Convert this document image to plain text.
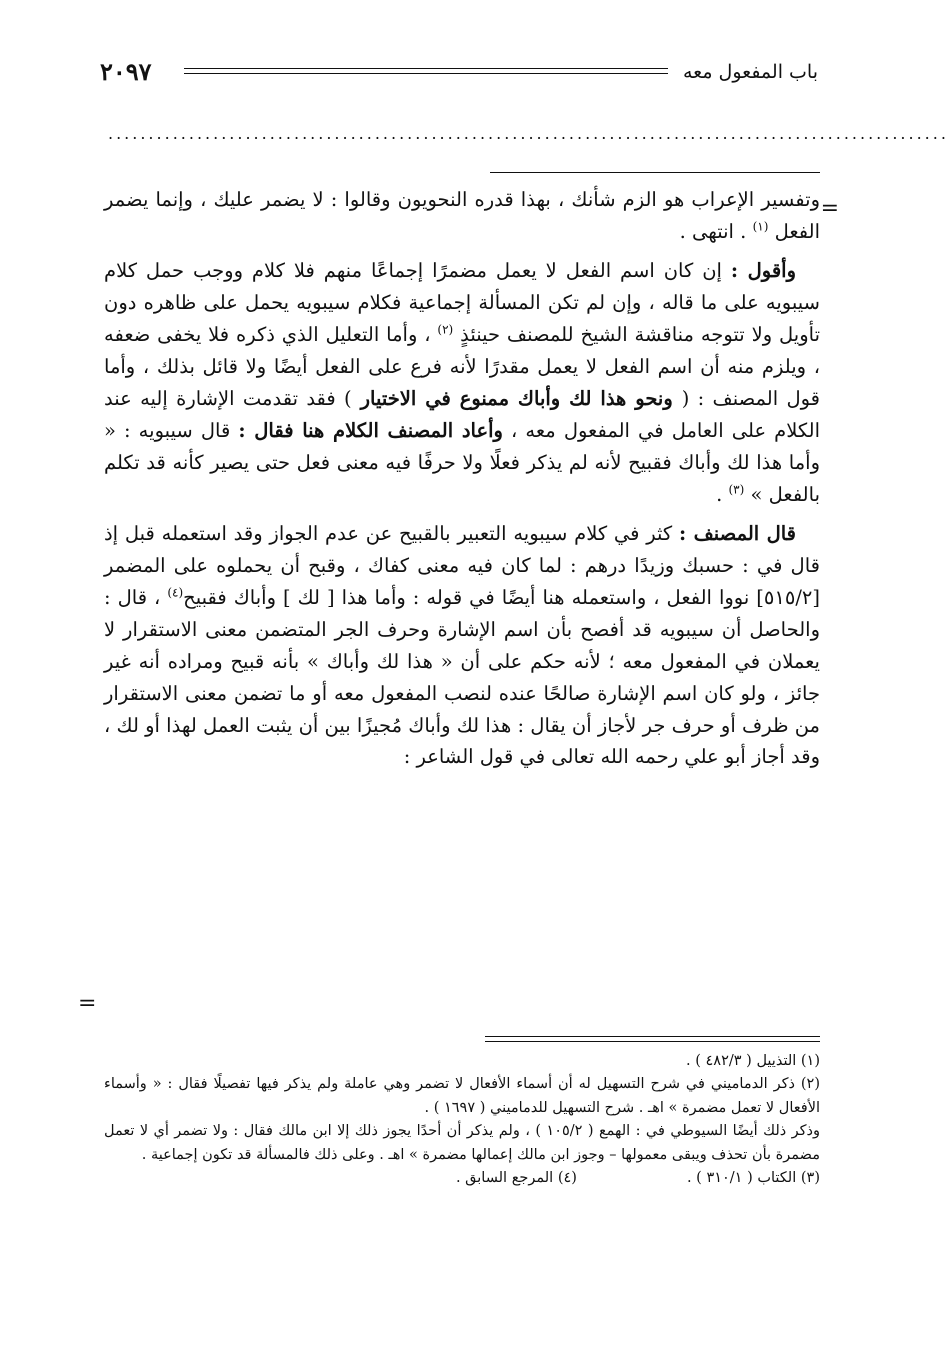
٢٠٩٧	باب المفعول معه
........................................................................................................
=
=

وتفسير الإعراب هو الزم شأنك ، بهذا قدره النحويون وقالوا : لا يضمر عليك ، وإنما يضمر الفعل $^{(١)}$ . انتهى .

وأقول : إن كان اسم الفعل لا يعمل مضمرًا إجماعًا منهم فلا كلام ووجب حمل كلام سيبويه على ما قاله ، وإن لم تكن المسألة إجماعية فكلام سيبويه يحمل على ظاهره دون تأويل ولا تتوجه مناقشة الشيخ للمصنف حينئذٍ $^{(٢)}$ ، وأما التعليل الذي ذكره فلا يخفى ضعفه ، ويلزم منه أن اسم الفعل لا يعمل مقدرًا لأنه فرع على الفعل أيضًا ولا قائل بذلك ، وأما قول المصنف : ( ونحو هذا لك وأباك ممنوع في الاختيار ) فقد تقدمت الإشارة إليه عند الكلام على العامل في المفعول معه ، وأعاد المصنف الكلام هنا فقال : قال سيبويه : « وأما هذا لك وأباك فقبيح لأنه لم يذكر فعلًا ولا حرفًا فيه معنى فعل حتى يصير كأنه قد تكلم بالفعل » $^{(٣)}$ .

قال المصنف : كثر في كلام سيبويه التعبير بالقبيح عن عدم الجواز وقد استعمله قبل إذ قال في : حسبك وزيدًا درهم : لما كان فيه معنى كفاك ، وقبح أن يحملوه على المضمر [٥١٥/٢] نووا الفعل ، واستعمله هنا أيضًا في قوله : وأما هذا [ لك ] وأباك فقبيح$^{(٤)}$ ، قال : والحاصل أن سيبويه قد أفصح بأن اسم الإشارة وحرف الجر المتضمن معنى الاستقرار لا يعملان في المفعول معه ؛ لأنه حكم على أن « هذا لك وأباك » بأنه قبيح ومراده أنه غير جائز ، ولو كان اسم الإشارة صالحًا عنده لنصب المفعول معه أو ما تضمن معنى الاستقرار من ظرف أو حرف جر لأجاز أن يقال : هذا لك وأباك مُجيزًا بين أن يثبت العمل لهذا أو لك ، وقد أجاز أبو علي رحمه الله تعالى في قول الشاعر :

(١) التذييل ( ٤٨٢/٣ ) .

(٢) ذكر الدماميني في شرح التسهيل له أن أسماء الأفعال لا تضمر وهي عاملة ولم يذكر فيها تفصيلًا فقال : « وأسماء الأفعال لا تعمل مضمرة » اهـ . شرح التسهيل للدماميني ( ١٦٩٧ ) .

وذكر ذلك أيضًا السيوطي في : الهمع ( ١٠٥/٢ ) ، ولم يذكر أن أحدًا يجوز ذلك إلا ابن مالك فقال : ولا تضمر أي لا تعمل مضمرة بأن تحذف ويبقى معمولها – وجوز ابن مالك إعمالها مضمرة » اهـ . وعلى ذلك فالمسألة قد تكون إجماعية .

(٣) الكتاب ( ٣١٠/١ ) .
(٤) المرجع السابق .
